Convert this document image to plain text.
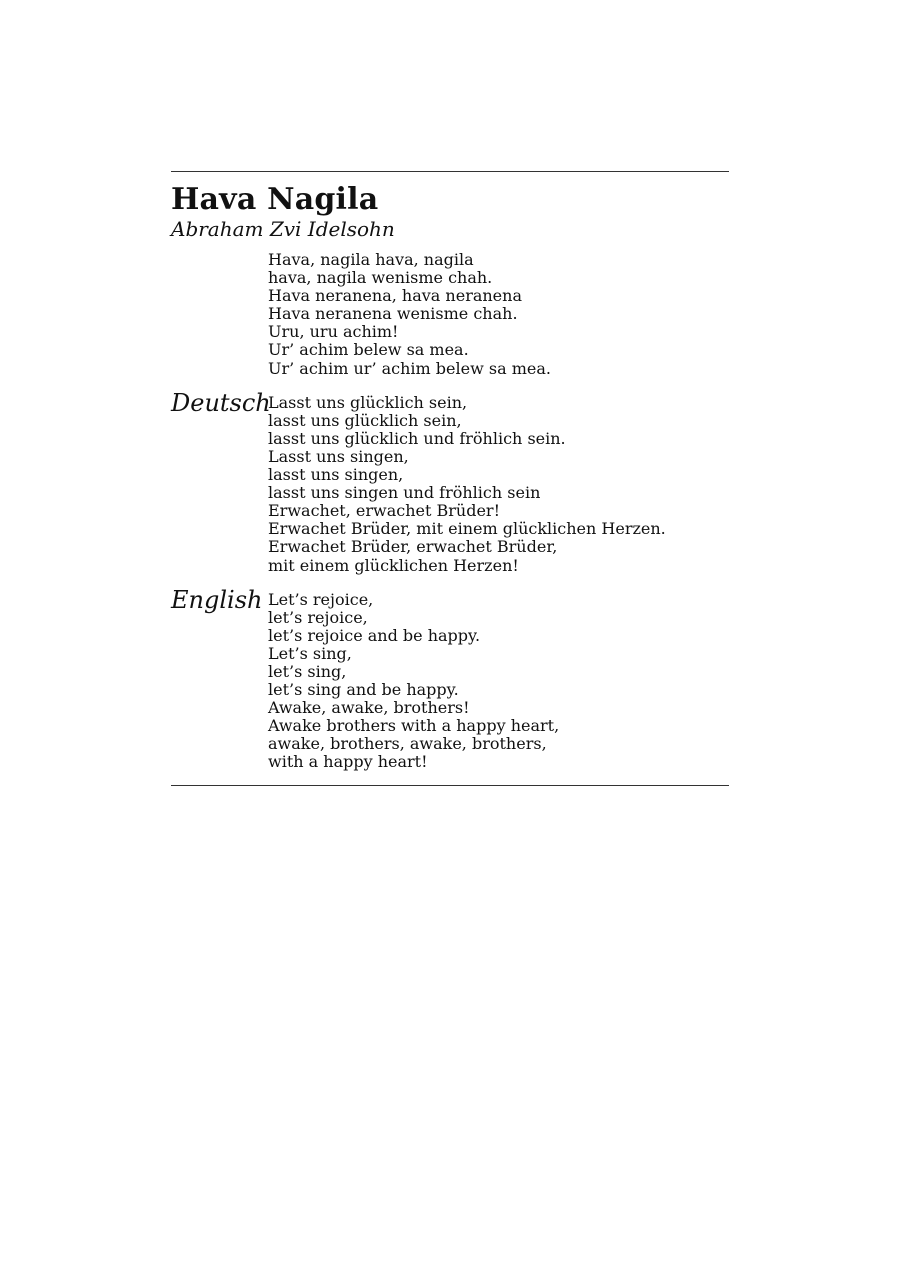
Hava Nagila
Abraham Zvi Idelsohn
Hava, nagila hava, nagila
hava, nagila wenisme chah.
Hava neranena, hava neranena
Hava neranena wenisme chah.
Uru, uru achim!
Ur’ achim belew sa mea.
Ur’ achim ur’ achim belew sa mea.
Deutsch
Lasst uns glücklich sein,
lasst uns glücklich sein,
lasst uns glücklich und fröhlich sein.
Lasst uns singen,
lasst uns singen,
lasst uns singen und fröhlich sein
Erwachet, erwachet Brüder!
Erwachet Brüder, mit einem glücklichen Herzen.
Erwachet Brüder, erwachet Brüder,
mit einem glücklichen Herzen!
English Let’s rejoice,
let’s rejoice,
let’s rejoice and be happy.
Let’s sing,
let’s sing,
let’s sing and be happy.
Awake, awake, brothers!
Awake brothers with a happy heart,
awake, brothers, awake, brothers,
with a happy heart!
